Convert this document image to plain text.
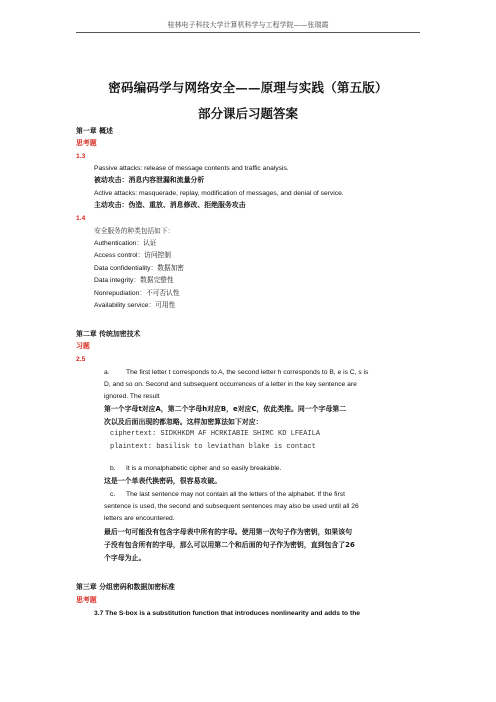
桂林电子科技大学计算机科学与工程学院——张瑞霞
密码编码学与网络安全——原理与实践（第五版）
部分课后习题答案
第一章 概述
思考题
1.3
Passive attacks: release of message contents and traffic analysis.
被动攻击：消息内容泄漏和流量分析
Active attacks: masquerade, replay, modification of messages, and denial of service.
主动攻击：伪造、重放、消息修改、拒绝服务攻击
1.4
安全服务的种类包括如下：
Authentication：认证
Access control：访问控制
Data confidentiality：数据加密
Data integrity：数据完整性
Nonrepudiation：不可否认性
Availability service：可用性
第二章 传统加密技术
习题
2.5
a. The first letter t corresponds to A, the second letter h corresponds to B, e is C, s is
D, and so on. Second and subsequent occurrences of a letter in the key sentence are
ignored. The result
第一个字母t对应A，第二个字母h对应B，e对应C，依此类推。同一个字母第二
次以及后面出现的都忽略。这样加密算法如下对应：
ciphertext: SIDKHKDM AF HCRKIABIE SHIMC KD LFEAILA
plaintext: basilisk to leviathan blake is contact
b. It is a monalphabetic cipher and so easily breakable.
这是一个单表代换密码，很容易攻破。
c. The last sentence may not contain all the letters of the alphabet. If the first
sentence is used, the second and subsequent sentences may also be used until all 26
letters are encountered.
最后一句可能没有包含字母表中所有的字母。使用第一次句子作为密钥，如果该句
子没有包含所有的字母，那么可以用第二个和后面的句子作为密钥，直到包含了26
个字母为止。
第三章 分组密码和数据加密标准
思考题
3.7 The S-box is a substitution function that introduces nonlinearity and adds to the
